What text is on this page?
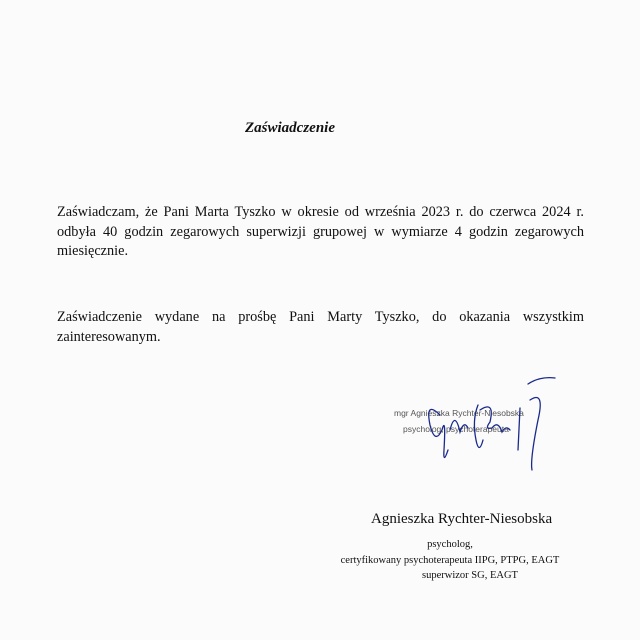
Zaświadczenie
Zaświadczam, że Pani Marta Tyszko w okresie od września 2023 r. do czerwca 2024 r. odbyła 40 godzin zegarowych superwizji grupowej w wymiarze 4 godzin zegarowych miesięcznie.
Zaświadczenie wydane na prośbę Pani Marty Tyszko, do okazania wszystkim zainteresowanym.
mgr Agnieszka Rychter-Niesobska
psycholog, psychoterapeuta
Agnieszka Rychter-Niesobska
psycholog,
certyfikowany psychoterapeuta IIPG, PTPG, EAGT
superwizor SG, EAGT
